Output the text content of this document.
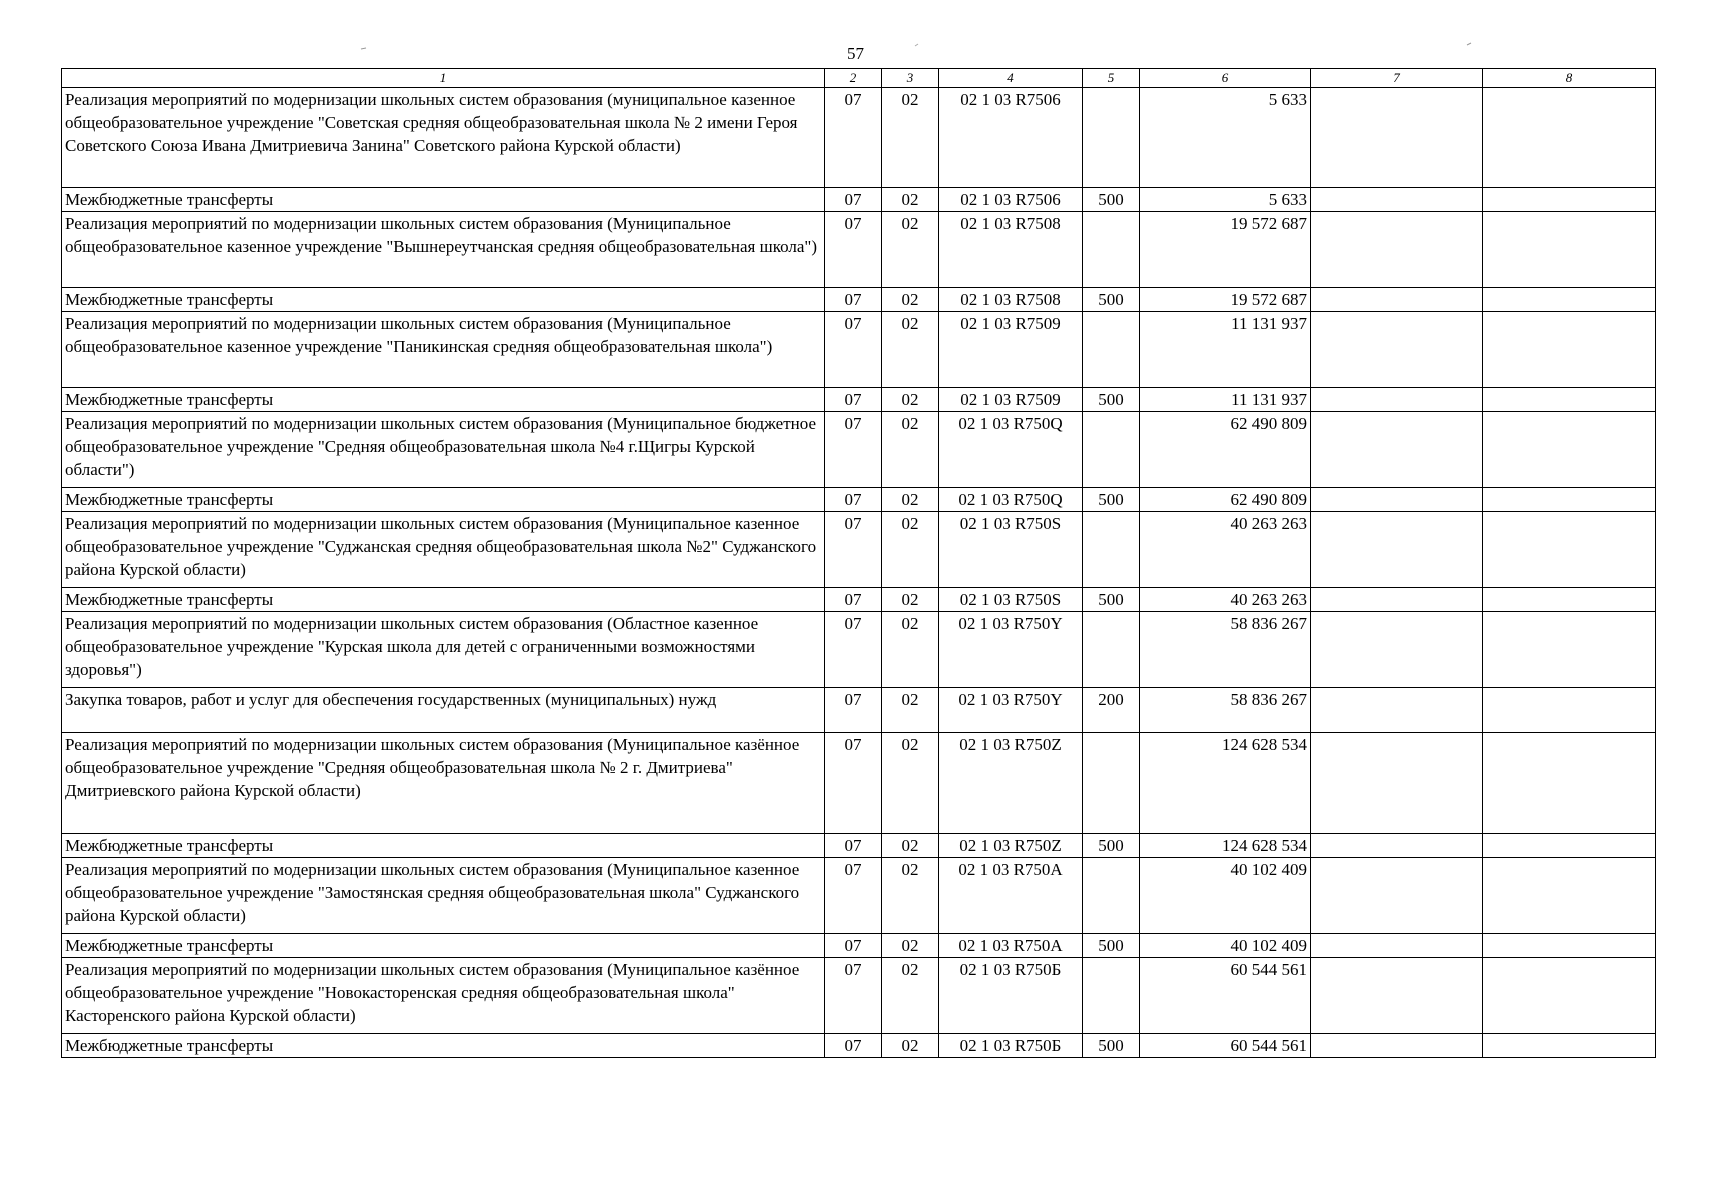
57
1	2	3	4	5	6	7	8
Реализация мероприятий по модернизации школьных систем образования (муниципальное казенное общеобразовательное учреждение "Советская средняя общеобразовательная школа № 2 имени Героя Советского Союза Ивана Дмитриевича Занина" Советского района Курской области)	07	02	02 1 03 R7506		5 633		
Межбюджетные трансферты	07	02	02 1 03 R7506	500	5 633		
Реализация мероприятий по модернизации школьных систем образования (Муниципальное общеобразовательное казенное учреждение "Вышнереутчанская средняя общеобразовательная школа")	07	02	02 1 03 R7508		19 572 687		
Межбюджетные трансферты	07	02	02 1 03 R7508	500	19 572 687		
Реализация мероприятий по модернизации школьных систем образования (Муниципальное общеобразовательное казенное учреждение "Паникинская средняя общеобразовательная школа")	07	02	02 1 03 R7509		11 131 937		
Межбюджетные трансферты	07	02	02 1 03 R7509	500	11 131 937		
Реализация мероприятий по модернизации школьных систем образования (Муниципальное бюджетное общеобразовательное учреждение "Средняя общеобразовательная школа №4 г.Щигры Курской области")	07	02	02 1 03 R750Q		62 490 809		
Межбюджетные трансферты	07	02	02 1 03 R750Q	500	62 490 809		
Реализация мероприятий по модернизации школьных систем образования (Муниципальное казенное общеобразовательное учреждение "Суджанская средняя общеобразовательная школа №2" Суджанского района Курской области)	07	02	02 1 03 R750S		40 263 263		
Межбюджетные трансферты	07	02	02 1 03 R750S	500	40 263 263		
Реализация мероприятий по модернизации школьных систем образования (Областное казенное общеобразовательное учреждение "Курская школа для детей с ограниченными возможностями здоровья")	07	02	02 1 03 R750Y		58 836 267		
Закупка товаров, работ и услуг для обеспечения государственных (муниципальных) нужд	07	02	02 1 03 R750Y	200	58 836 267		
Реализация мероприятий по модернизации школьных систем образования (Муниципальное казённое общеобразовательное учреждение "Средняя общеобразовательная школа № 2 г. Дмитриева" Дмитриевского района Курской области)	07	02	02 1 03 R750Z		124 628 534		
Межбюджетные трансферты	07	02	02 1 03 R750Z	500	124 628 534		
Реализация мероприятий по модернизации школьных систем образования (Муниципальное казенное общеобразовательное учреждение "Замостянская средняя общеобразовательная школа" Суджанского района Курской области)	07	02	02 1 03 R750A		40 102 409		
Межбюджетные трансферты	07	02	02 1 03 R750A	500	40 102 409		
Реализация мероприятий по модернизации школьных систем образования (Муниципальное казённое общеобразовательное учреждение "Новокасторенская средняя общеобразовательная школа" Касторенского района Курской области)	07	02	02 1 03 R750Б		60 544 561		
Межбюджетные трансферты	07	02	02 1 03 R750Б	500	60 544 561		
